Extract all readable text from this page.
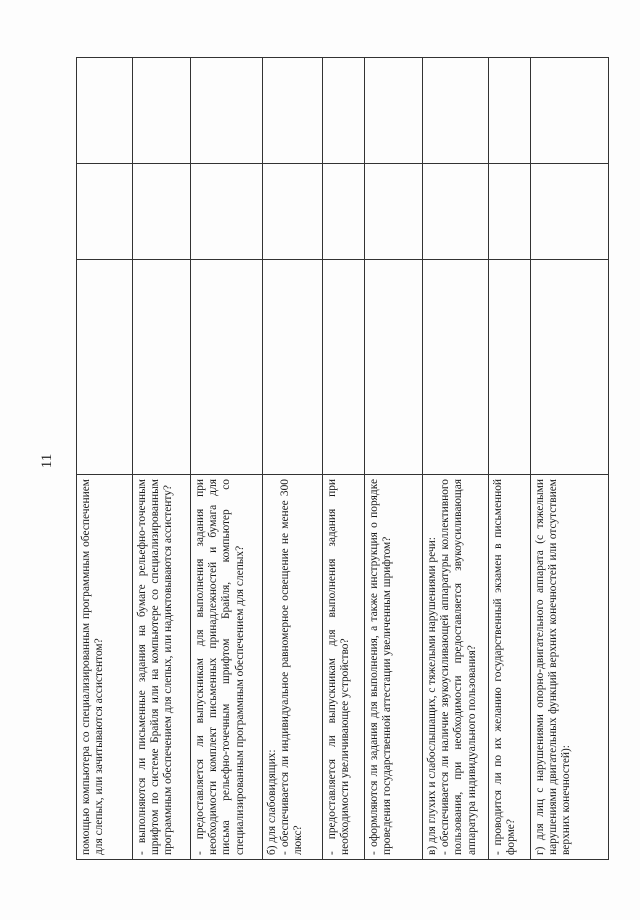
11
помощью компьютера со специализированным программным обеспечением для слепых, или зачитываются ассистентом?			
- выполняются ли письменные задания на бумаге рельефно-точечным шрифтом по системе Брайля или на компьютере со специализированным программным обеспечением для слепых, или надиктовываются ассистенту?			
- предоставляется ли выпускникам для выполнения задания при необходимости комплект письменных принадлежностей и бумага для письма рельефно-точечным шрифтом Брайля, компьютер со специализированным программным обеспечением для слепых?			
б) для слабовидящих:
- обеспечивается ли индивидуальное равномерное освещение не менее 300 люкс?			
- предоставляется ли выпускникам для выполнения задания при необходимости увеличивающее устройство?			
- оформляются ли задания для выполнения, а также инструкция о порядке проведения государственной аттестации увеличенным шрифтом?			
в) для глухих и слабослышащих, с тяжелыми нарушениями речи:
- обеспечивается ли наличие звукоусиливающей аппаратуры коллективного пользования, при необходимости предоставляется звукоусиливающая аппаратура индивидуального пользования?			
- проводится ли по их желанию государственный экзамен в письменной форме?			
г) для лиц с нарушениями опорно-двигательного аппарата (с тяжелыми нарушениями двигательных функций верхних конечностей или отсутствием верхних конечностей):			
